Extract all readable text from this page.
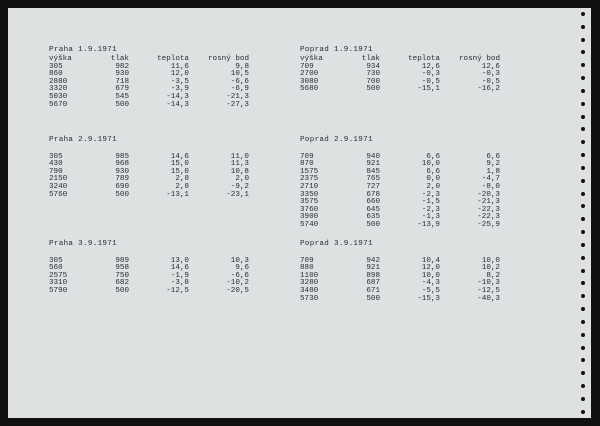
Praha 1.9.1971
výška	tlak	teplota	rosný bod
305	982	11,6	9,8
860	930	12,0	10,5
2880	718	-3,5	-6,6
3320	679	-3,9	-6,9
5030	545	-14,3	-21,3
5670	500	-14,3	-27,3
Poprad 1.9.1971
výška	tlak	teplota	rosný bod
709	934	12,6	12,6
2700	730	-0,3	-0,3
3080	700	-0,5	-0,5
5680	500	-15,1	-16,2
Praha 2.9.1971
305	985	14,6	11,0
430	968	15,0	11,3
790	930	15,0	10,8
2150	789	2,8	2,0
3240	690	2,8	-9,2
5760	500	-13,1	-23,1
Poprad 2.9.1971
709	940	6,6	6,6
870	921	10,0	9,2
1575	845	6,6	1,8
2375	765	0,0	-4,7
2710	727	2,0	-8,0
3350	678	-2,3	-20,3
3575	660	-1,5	-21,3
3760	645	-2,3	-22,3
3900	635	-1,3	-22,3
5740	500	-13,9	-25,9
Praha 3.9.1971
305	989	13,0	10,3
560	958	14,6	9,6
2575	750	-1,9	-6,6
3310	682	-3,8	-10,2
5790	500	-12,5	-20,5
Poprad 3.9.1971
709	942	10,4	10,0
880	921	12,0	10,2
1100	898	10,0	8,2
3280	687	-4,3	-10,3
3480	671	-5,5	-12,5
5730	500	-15,3	-40,3
